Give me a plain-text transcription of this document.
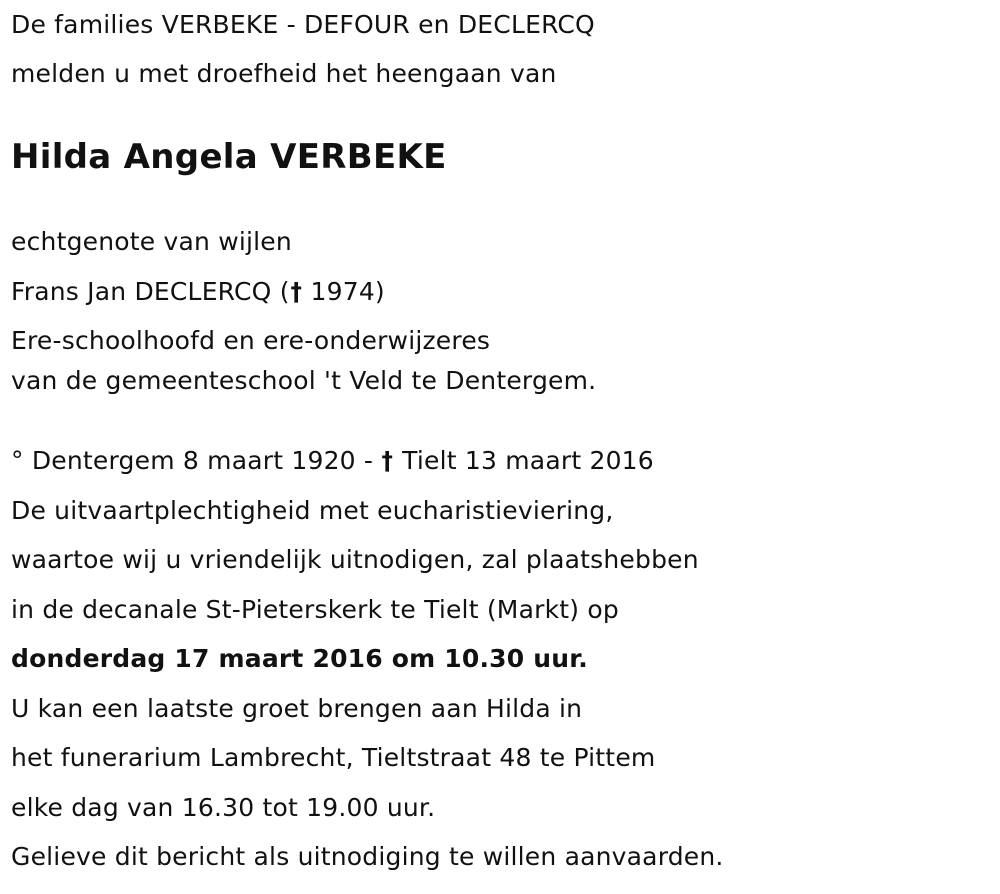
De families VERBEKE - DEFOUR en DECLERCQ
melden u met droefheid het heengaan van
Hilda Angela VERBEKE
echtgenote van wijlen
Frans Jan DECLERCQ († 1974)
Ere-schoolhoofd en ere-onderwijzeres
van de gemeenteschool 't Veld te Dentergem.
° Dentergem 8 maart 1920 - † Tielt 13 maart 2016
De uitvaartplechtigheid met eucharistieviering,
waartoe wij u vriendelijk uitnodigen, zal plaatshebben
in de decanale St-Pieterskerk te Tielt (Markt) op
donderdag 17 maart 2016 om 10.30 uur.
U kan een laatste groet brengen aan Hilda in
het funerarium Lambrecht, Tieltstraat 48 te Pittem
elke dag van 16.30 tot 19.00 uur.
Gelieve dit bericht als uitnodiging te willen aanvaarden.
